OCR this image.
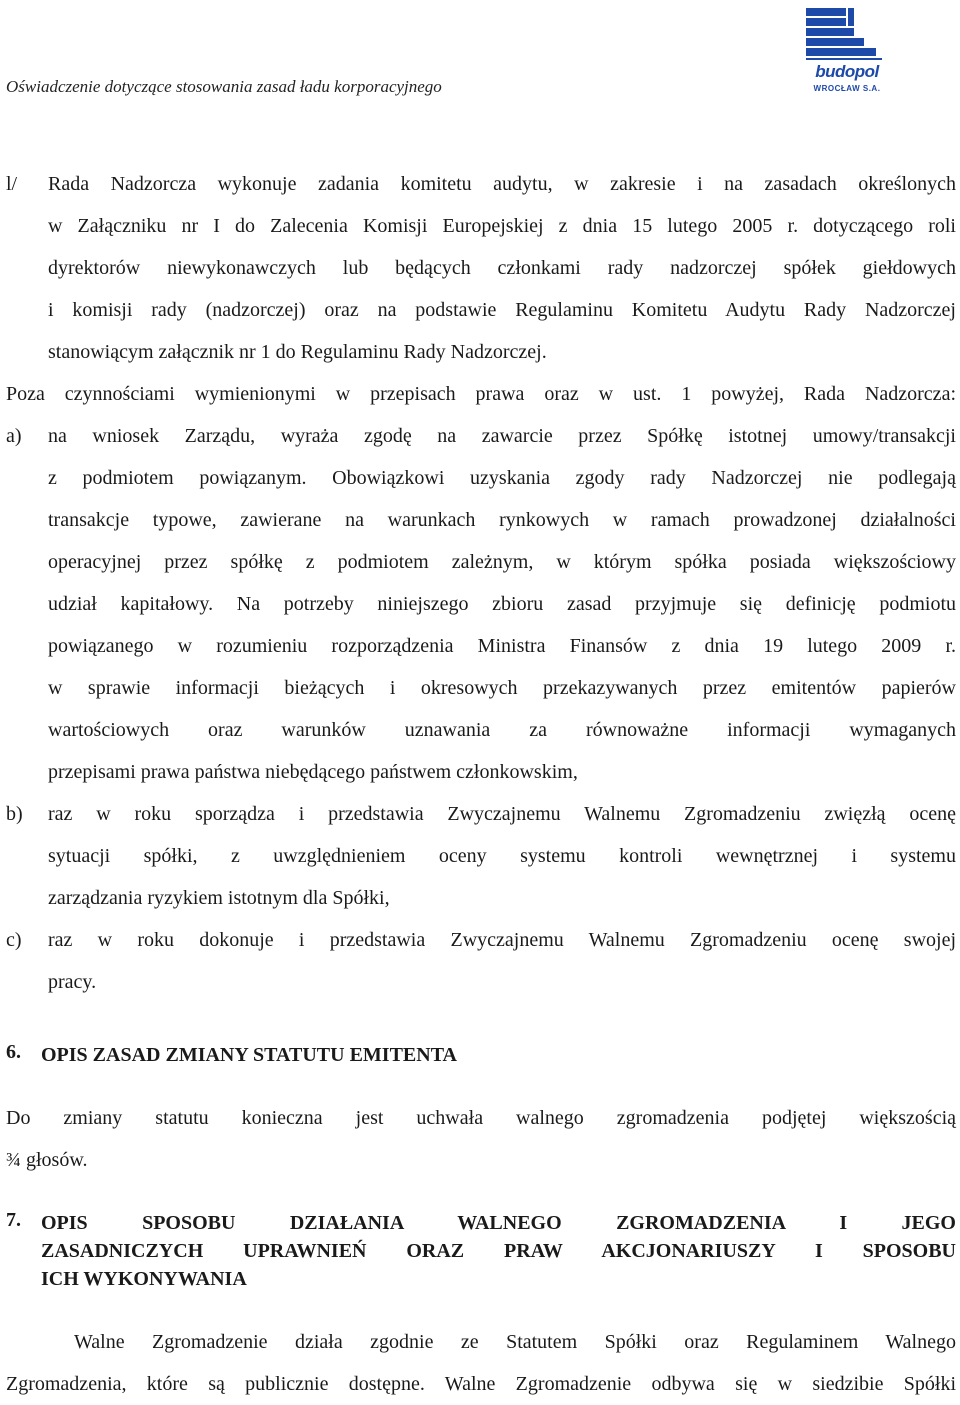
Oświadczenie dotyczące stosowania zasad ładu korporacyjnego
budopol
WROCŁAW S.A.
l/	Rada Nadzorcza wykonuje zadania komitetu audytu, w zakresie i na zasadach określonych
w Załączniku nr I do Zalecenia Komisji Europejskiej z dnia 15 lutego 2005 r. dotyczącego roli
dyrektorów niewykonawczych lub będących członkami rady nadzorczej spółek giełdowych
i komisji rady (nadzorczej) oraz na podstawie Regulaminu Komitetu Audytu Rady Nadzorczej
stanowiącym załącznik nr 1 do Regulaminu Rady Nadzorczej.
Poza czynnościami wymienionymi w przepisach prawa oraz w ust. 1 powyżej, Rada Nadzorcza:
a)	na wniosek Zarządu, wyraża zgodę na zawarcie przez Spółkę istotnej umowy/transakcji
z podmiotem powiązanym. Obowiązkowi uzyskania zgody rady Nadzorczej nie podlegają
transakcje typowe, zawierane na warunkach rynkowych w ramach prowadzonej działalności
operacyjnej przez spółkę z podmiotem zależnym, w którym spółka posiada większościowy
udział kapitałowy. Na potrzeby niniejszego zbioru zasad przyjmuje się definicję podmiotu
powiązanego w rozumieniu rozporządzenia Ministra Finansów z dnia 19 lutego 2009 r.
w sprawie informacji bieżących i okresowych przekazywanych przez emitentów papierów
wartościowych oraz warunków uznawania za równoważne informacji wymaganych
przepisami prawa państwa niebędącego państwem członkowskim,
b)	raz w roku sporządza i przedstawia Zwyczajnemu Walnemu Zgromadzeniu zwięzłą ocenę
sytuacji spółki, z uwzględnieniem oceny systemu kontroli wewnętrznej i systemu
zarządzania ryzykiem istotnym dla Spółki,
c)	raz w roku dokonuje i przedstawia Zwyczajnemu Walnemu Zgromadzeniu ocenę swojej
pracy.
6.	OPIS ZASAD ZMIANY STATUTU EMITENTA
Do zmiany statutu konieczna jest uchwała walnego zgromadzenia podjętej większością
¾ głosów.
7.	OPIS SPOSOBU DZIAŁANIA WALNEGO ZGROMADZENIA I JEGO
ZASADNICZYCH UPRAWNIEŃ ORAZ PRAW AKCJONARIUSZY I SPOSOBU
ICH WYKONYWANIA
Walne Zgromadzenie działa zgodnie ze Statutem Spółki oraz Regulaminem Walnego
Zgromadzenia, które są publicznie dostępne. Walne Zgromadzenie odbywa się w siedzibie Spółki
